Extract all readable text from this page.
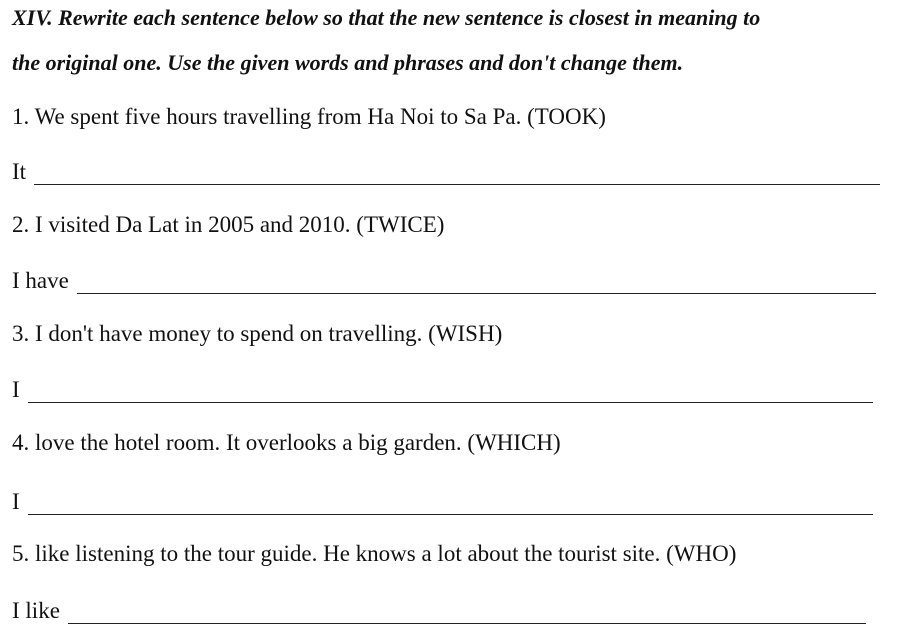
XIV. Rewrite each sentence below so that the new sentence is closest in meaning to
the original one. Use the given words and phrases and don't change them.
1. We spent five hours travelling from Ha Noi to Sa Pa. (TOOK)
It
2. I visited Da Lat in 2005 and 2010. (TWICE)
I have
3. I don't have money to spend on travelling. (WISH)
I
4. love the hotel room. It overlooks a big garden. (WHICH)
I
5. like listening to the tour guide. He knows a lot about the tourist site. (WHO)
I like
